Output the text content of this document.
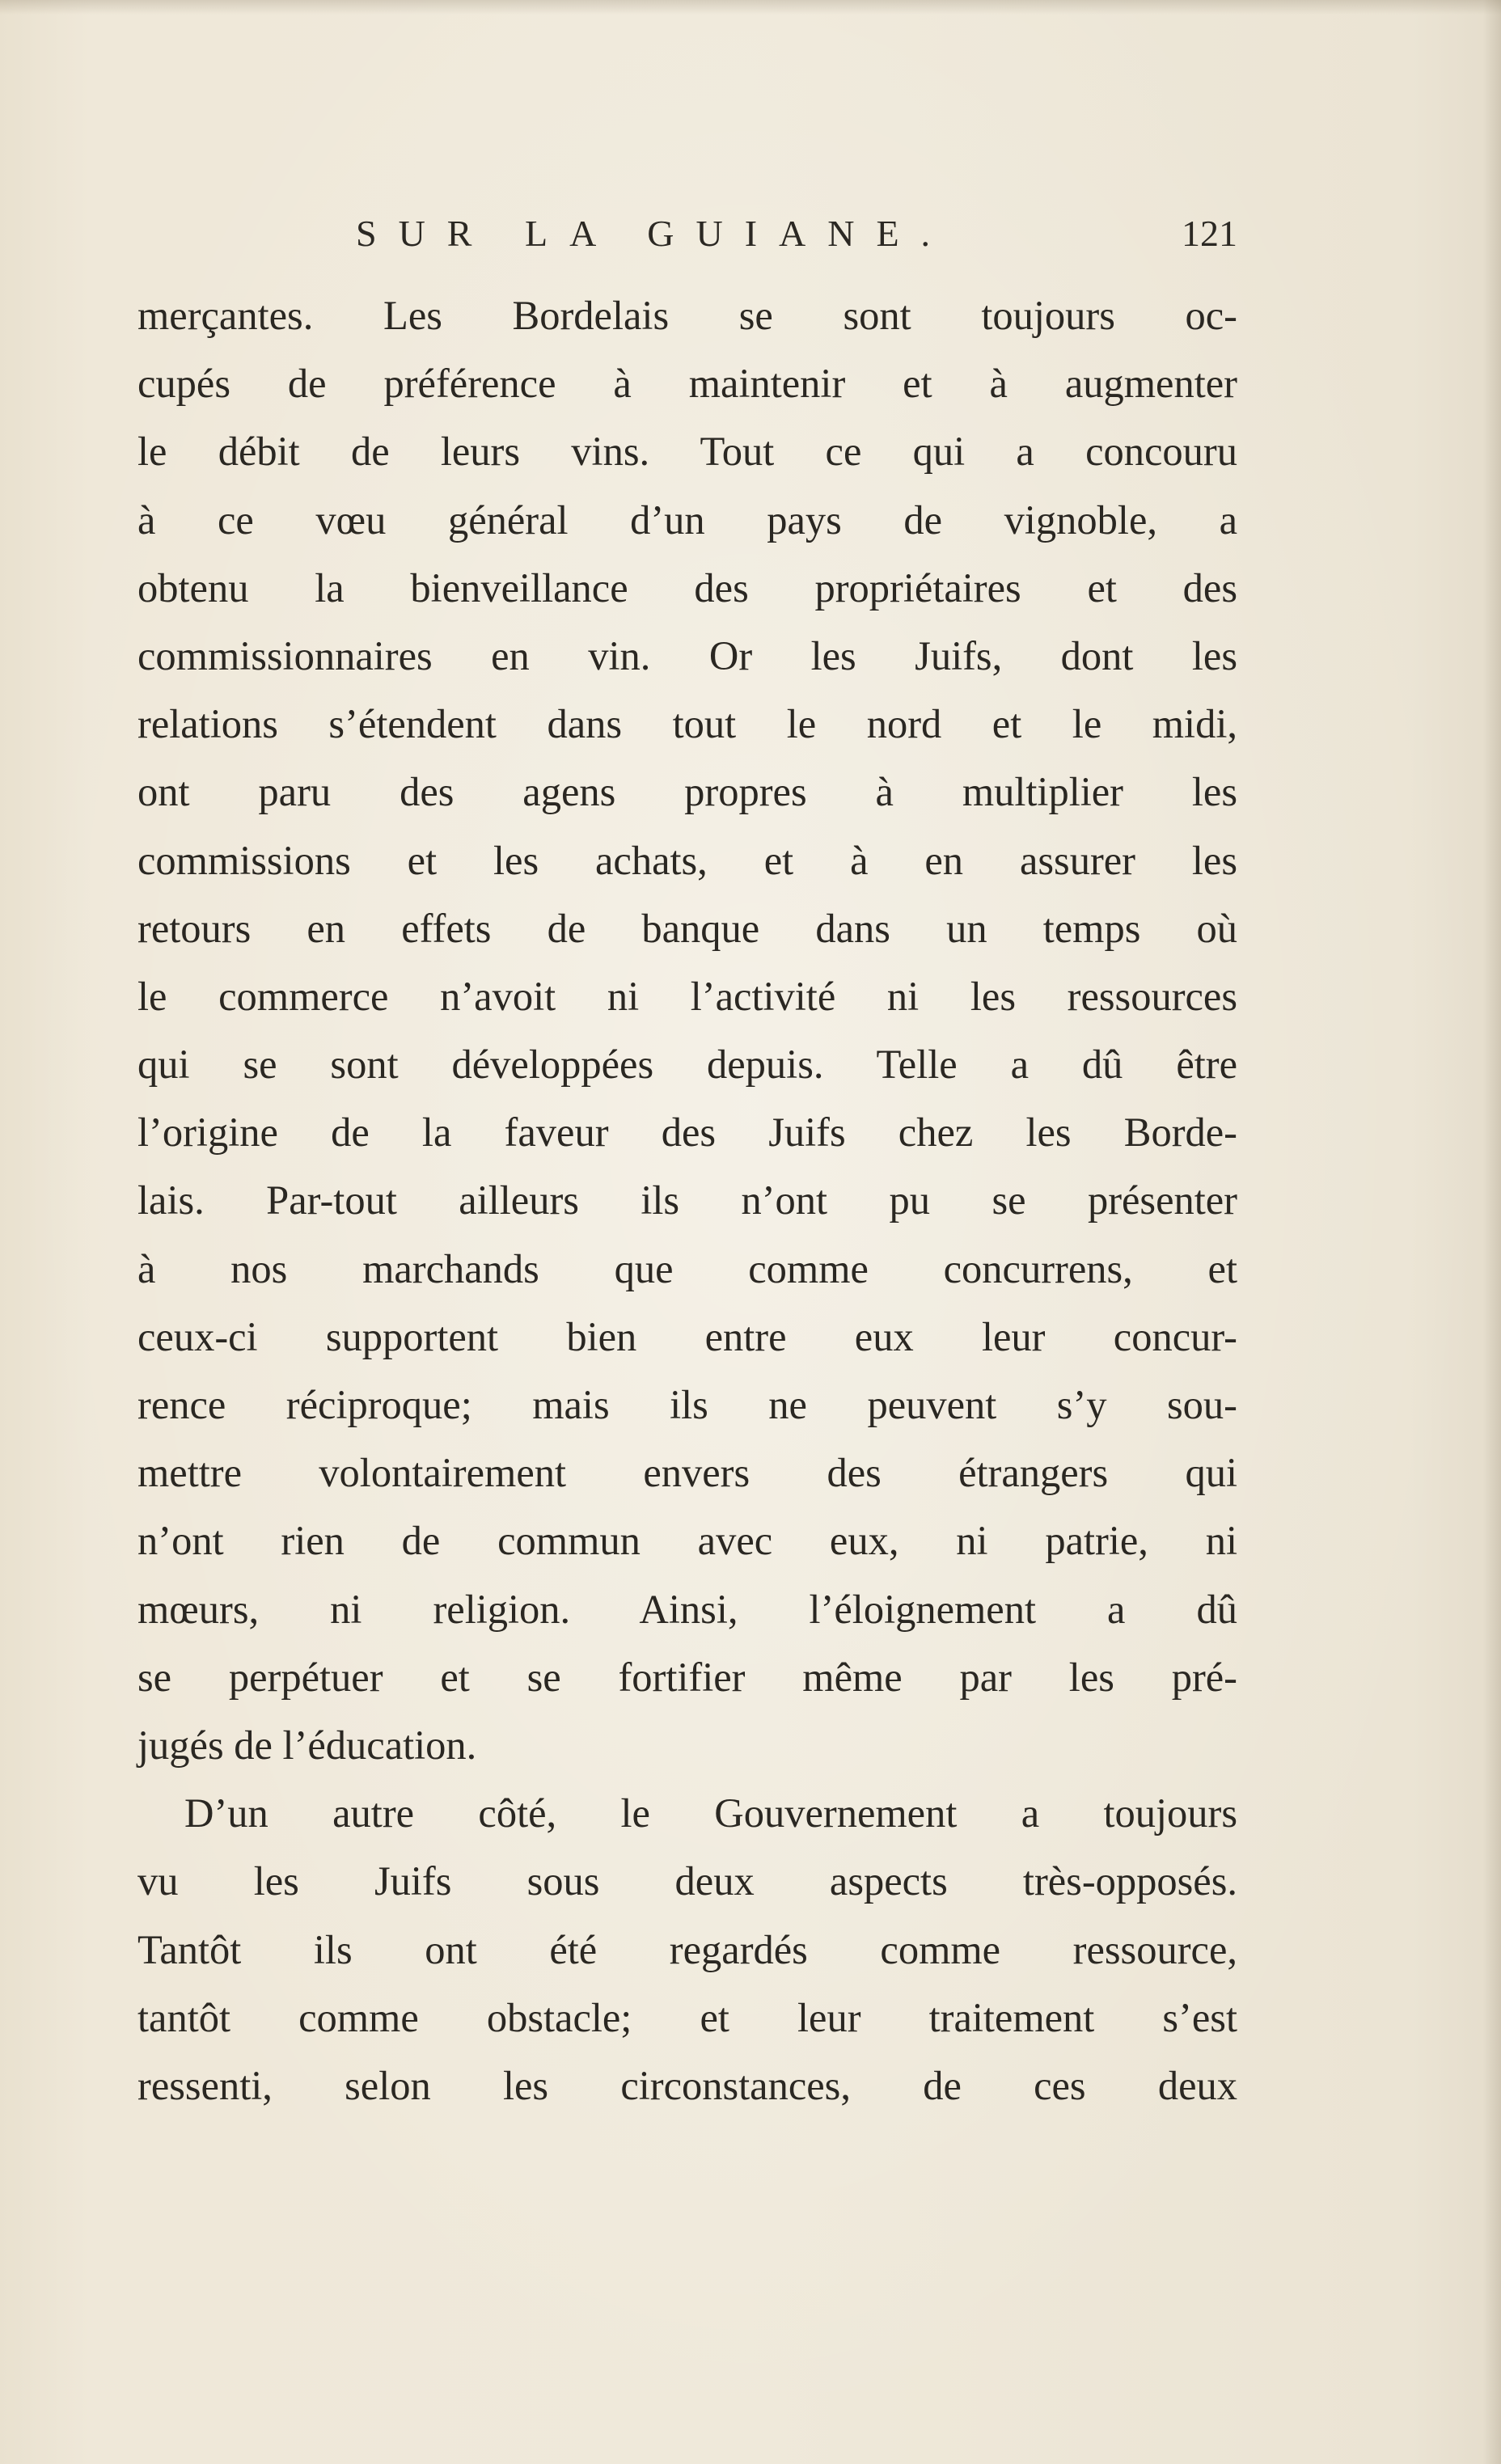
SUR LA GUIANE.	121
merçantes. Les Bordelais se sont toujours oc-
cupés de préférence à maintenir et à augmenter
le débit de leurs vins. Tout ce qui a concouru
à ce vœu général d’un pays de vignoble, a
obtenu la bienveillance des propriétaires et des
commissionnaires en vin. Or les Juifs, dont les
relations s’étendent dans tout le nord et le midi,
ont paru des agens propres à multiplier les
commissions et les achats, et à en assurer les
retours en effets de banque dans un temps où
le commerce n’avoit ni l’activité ni les ressources
qui se sont développées depuis. Telle a dû être
l’origine de la faveur des Juifs chez les Borde-
lais. Par-tout ailleurs ils n’ont pu se présenter
à nos marchands que comme concurrens, et
ceux-ci supportent bien entre eux leur concur-
rence réciproque; mais ils ne peuvent s’y sou-
mettre volontairement envers des étrangers qui
n’ont rien de commun avec eux, ni patrie, ni
mœurs, ni religion. Ainsi, l’éloignement a dû
se perpétuer et se fortifier même par les pré-
jugés de l’éducation.
D’un autre côté, le Gouvernement a toujours
vu les Juifs sous deux aspects très-opposés.
Tantôt ils ont été regardés comme ressource,
tantôt comme obstacle; et leur traitement s’est
ressenti, selon les circonstances, de ces deux
